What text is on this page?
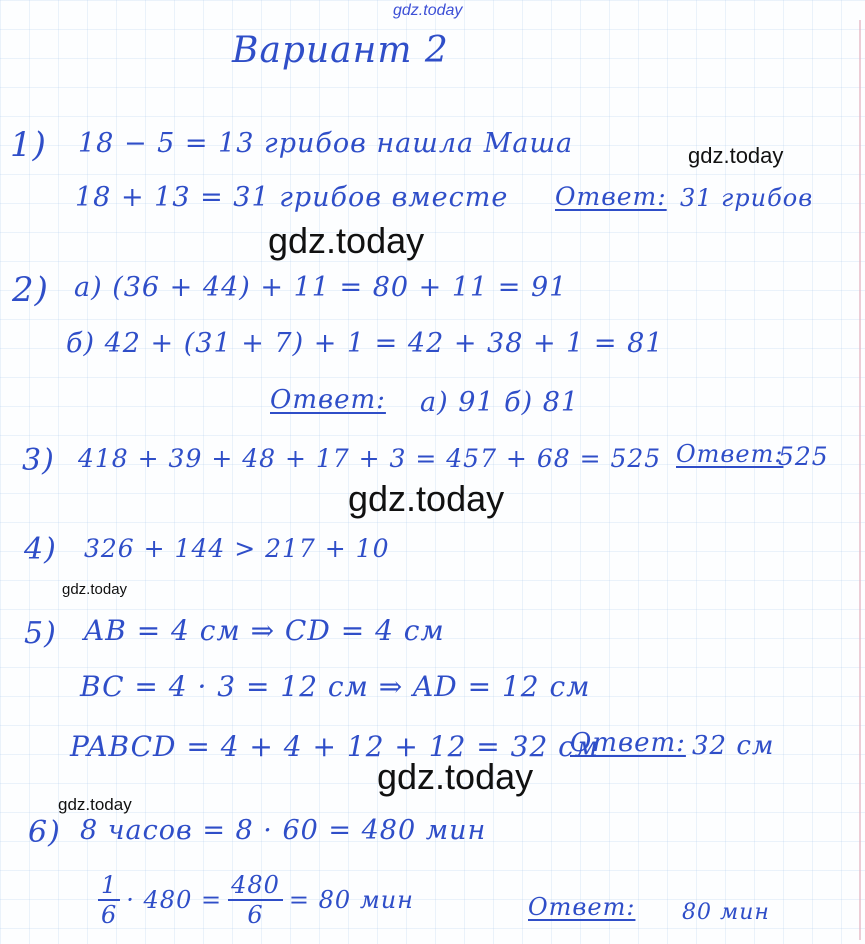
gdz.today
gdz.today
gdz.today
gdz.today
gdz.today
gdz.today
gdz.today
Вариант 2
1) 18 − 5 = 13 грибов нашла Маша
18 + 13 = 31 грибов вместе Ответ: 31 грибов
2) а) (36 + 44) + 11 = 80 + 11 = 91
б) 42 + (31 + 7) + 1 = 42 + 38 + 1 = 81
Ответ: а) 91 б) 81
3) 418 + 39 + 48 + 17 + 3 = 457 + 68 = 525 Ответ:
525
4) 326 + 144 > 217 + 10
5) AB = 4 см ⇒ CD = 4 см
BC = 4 · 3 = 12 см ⇒ AD = 12 см
PABCD = 4 + 4 + 12 + 12 = 32 см
Ответ: 32 см
6) 8 часов = 8 · 60 = 480 мин
$\frac{1}{6} \cdot 480 = \frac{480}{6} = 80$ мин	Ответ: 80 мин
